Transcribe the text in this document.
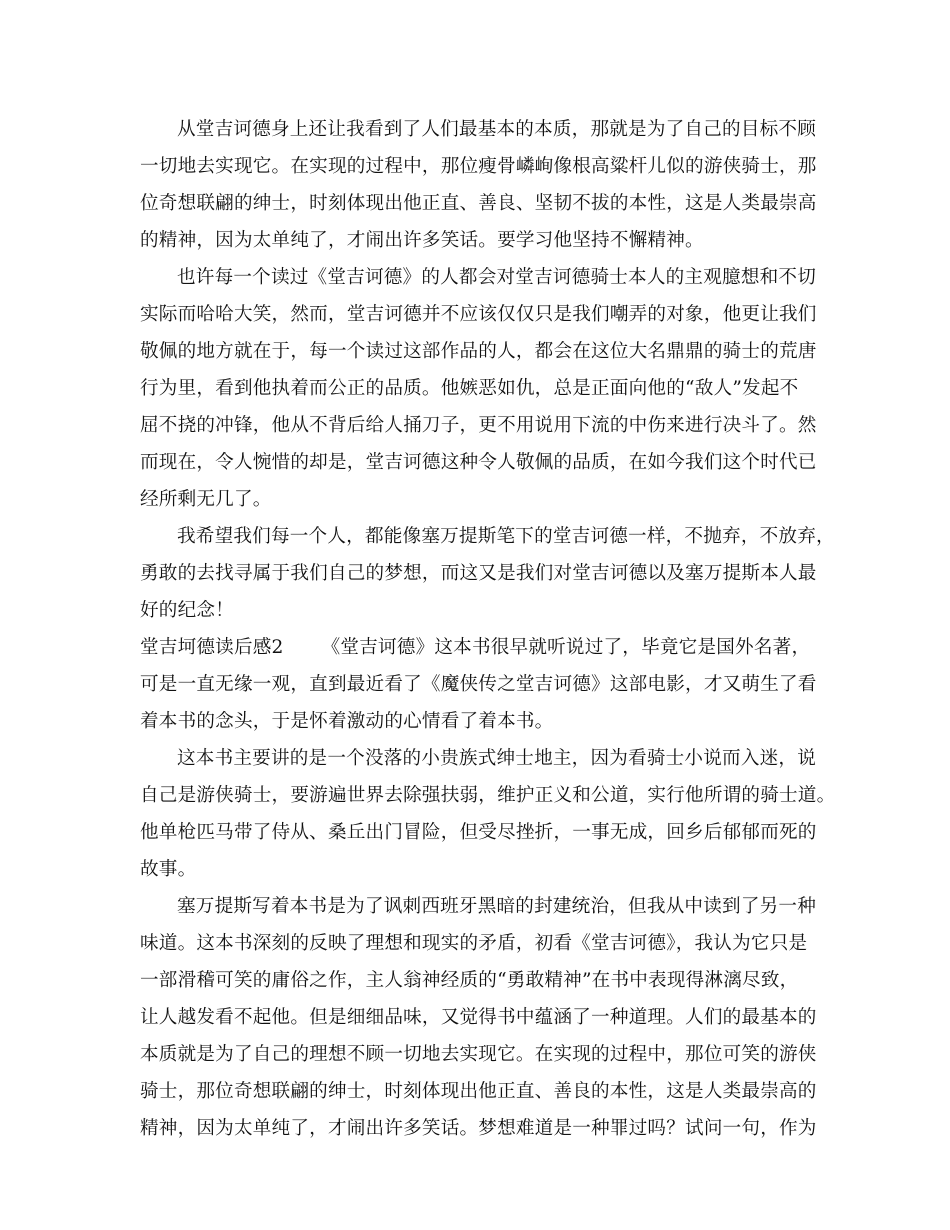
从堂吉诃德身上还让我看到了人们最基本的本质，那就是为了自己的目标不顾
一切地去实现它。在实现的过程中，那位瘦骨嶙峋像根高粱杆儿似的游侠骑士，那
位奇想联翩的绅士，时刻体现出他正直、善良、坚韧不拔的本性，这是人类最崇高
的精神，因为太单纯了，才闹出许多笑话。要学习他坚持不懈精神。
也许每一个读过《堂吉诃德》的人都会对堂吉诃德骑士本人的主观臆想和不切
实际而哈哈大笑，然而，堂吉诃德并不应该仅仅只是我们嘲弄的对象，他更让我们
敬佩的地方就在于，每一个读过这部作品的人，都会在这位大名鼎鼎的骑士的荒唐
行为里，看到他执着而公正的品质。他嫉恶如仇，总是正面向他的“敌人”发起不
屈不挠的冲锋，他从不背后给人捅刀子，更不用说用下流的中伤来进行决斗了。然
而现在，令人惋惜的却是，堂吉诃德这种令人敬佩的品质，在如今我们这个时代已
经所剩无几了。
我希望我们每一个人，都能像塞万提斯笔下的堂吉诃德一样，不抛弃，不放弃，
勇敢的去找寻属于我们自己的梦想，而这又是我们对堂吉诃德以及塞万提斯本人最
好的纪念！
堂吉坷德读后感2 《堂吉诃德》这本书很早就听说过了，毕竟它是国外名著，
可是一直无缘一观，直到最近看了《魔侠传之堂吉诃德》这部电影，才又萌生了看
着本书的念头，于是怀着激动的心情看了着本书。
这本书主要讲的是一个没落的小贵族式绅士地主，因为看骑士小说而入迷，说
自己是游侠骑士，要游遍世界去除强扶弱，维护正义和公道，实行他所谓的骑士道。
他单枪匹马带了侍从、桑丘出门冒险，但受尽挫折，一事无成，回乡后郁郁而死的
故事。
塞万提斯写着本书是为了讽刺西班牙黑暗的封建统治，但我从中读到了另一种
味道。这本书深刻的反映了理想和现实的矛盾，初看《堂吉诃德》，我认为它只是
一部滑稽可笑的庸俗之作，主人翁神经质的“勇敢精神”在书中表现得淋漓尽致，
让人越发看不起他。但是细细品味，又觉得书中蕴涵了一种道理。人们的最基本的
本质就是为了自己的理想不顾一切地去实现它。在实现的过程中，那位可笑的游侠
骑士，那位奇想联翩的绅士，时刻体现出他正直、善良的本性，这是人类最崇高的
精神，因为太单纯了，才闹出许多笑话。梦想难道是一种罪过吗？试问一句，作为
